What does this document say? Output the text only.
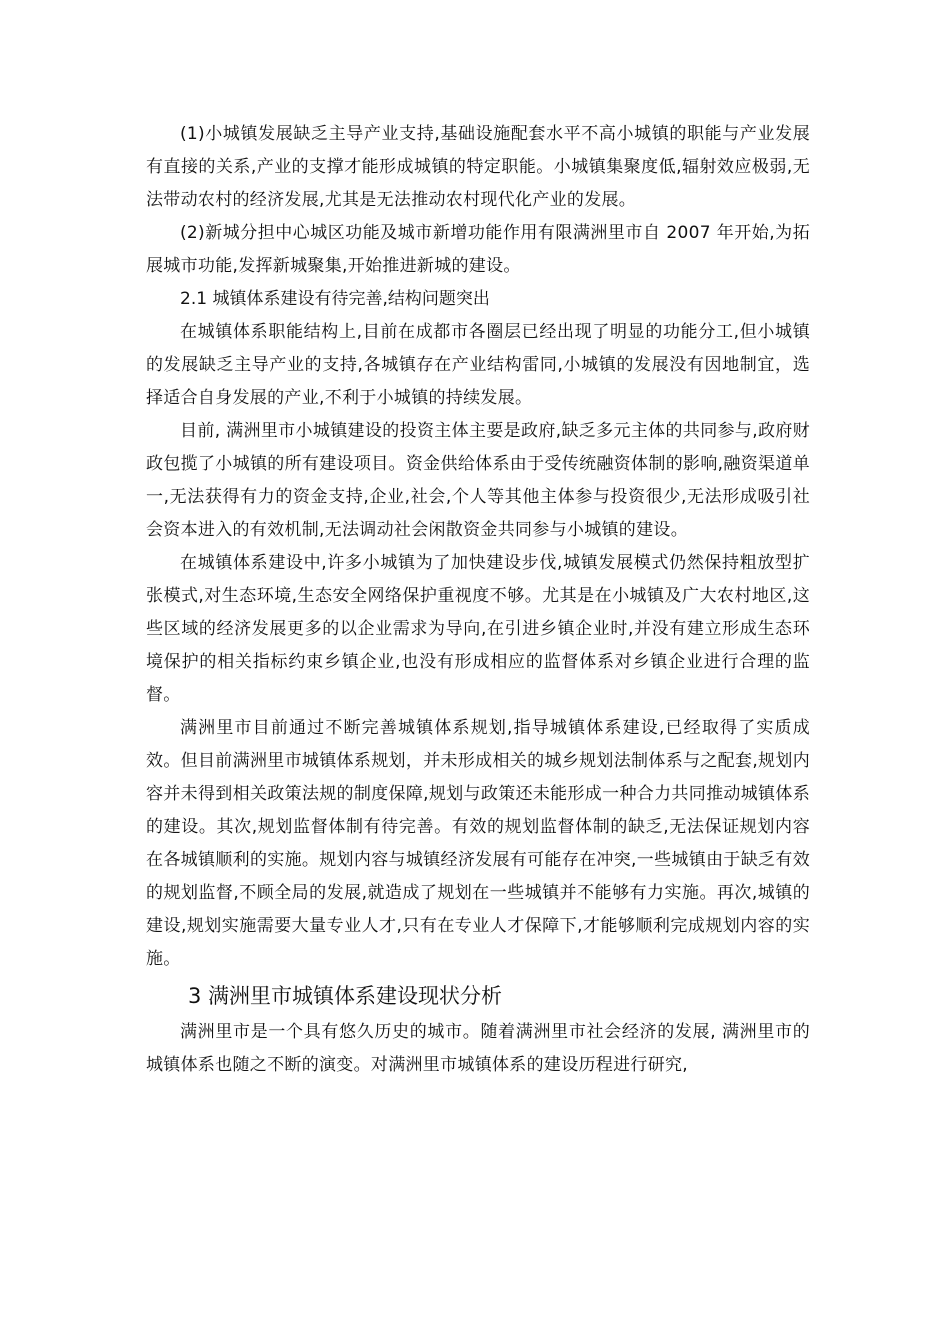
(1)小城镇发展缺乏主导产业支持,基础设施配套水平不高小城镇的职能与产业发展有直接的关系,产业的支撑才能形成城镇的特定职能。小城镇集聚度低,辐射效应极弱,无法带动农村的经济发展,尤其是无法推动农村现代化产业的发展。

(2)新城分担中心城区功能及城市新增功能作用有限满洲里市自 2007 年开始,为拓展城市功能,发挥新城聚集,开始推进新城的建设。

2.1 城镇体系建设有待完善,结构问题突出

在城镇体系职能结构上,目前在成都市各圈层已经出现了明显的功能分工,但小城镇的发展缺乏主导产业的支持,各城镇存在产业结构雷同,小城镇的发展没有因地制宜，选择适合自身发展的产业,不利于小城镇的持续发展。

目前, 满洲里市小城镇建设的投资主体主要是政府,缺乏多元主体的共同参与,政府财政包揽了小城镇的所有建设项目。资金供给体系由于受传统融资体制的影响,融资渠道单一,无法获得有力的资金支持,企业,社会,个人等其他主体参与投资很少,无法形成吸引社会资本进入的有效机制,无法调动社会闲散资金共同参与小城镇的建设。

在城镇体系建设中,许多小城镇为了加快建设步伐,城镇发展模式仍然保持粗放型扩张模式,对生态环境,生态安全网络保护重视度不够。尤其是在小城镇及广大农村地区,这些区域的经济发展更多的以企业需求为导向,在引进乡镇企业时,并没有建立形成生态环境保护的相关指标约束乡镇企业,也没有形成相应的监督体系对乡镇企业进行合理的监督。

满洲里市目前通过不断完善城镇体系规划,指导城镇体系建设,已经取得了实质成效。但目前满洲里市城镇体系规划，并未形成相关的城乡规划法制体系与之配套,规划内容并未得到相关政策法规的制度保障,规划与政策还未能形成一种合力共同推动城镇体系的建设。其次,规划监督体制有待完善。有效的规划监督体制的缺乏,无法保证规划内容在各城镇顺利的实施。规划内容与城镇经济发展有可能存在冲突,一些城镇由于缺乏有效的规划监督,不顾全局的发展,就造成了规划在一些城镇并不能够有力实施。再次,城镇的建设,规划实施需要大量专业人才,只有在专业人才保障下,才能够顺利完成规划内容的实施。

3 满洲里市城镇体系建设现状分析

满洲里市是一个具有悠久历史的城市。随着满洲里市社会经济的发展, 满洲里市的城镇体系也随之不断的演变。对满洲里市城镇体系的建设历程进行研究,
